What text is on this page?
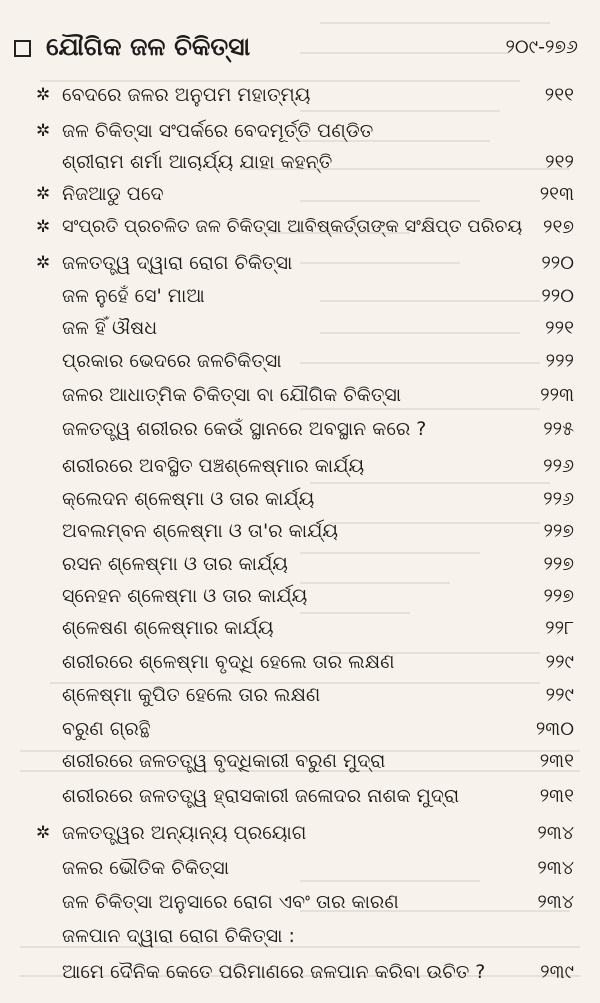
ଯୌଗିକ ଜଳ ଚିକିତ୍ସା	୨୦୯-୨୭୬
✲ ବେଦରେ ଜଳର ଅନୁପମ ମହାତ୍ମ୍ୟ	୨୧୧
✲ ଜଳ ଚିକିତ୍ସା ସଂପର୍କରେ ବେଦମୂର୍ତ୍ତି ପଣ୍ଡିତ
ଶ୍ରୀରାମ ଶର୍ମା ଆଚାର୍ଯ୍ୟ ଯାହା କହନ୍ତି	୨୧୨
✲ ନିଜଆଡୁ ପଦେ	୨୧୩
✲ ସଂପ୍ରତି ପ୍ରଚଳିତ ଜଳ ଚିକିତ୍ସା ଆବିଷ୍କର୍ତ୍ତାଙ୍କ ସଂକ୍ଷିପ୍ତ ପରିଚୟ ୨୧୭
✲ ଜଳତତ୍ତ୍ୱ ଦ୍ୱାରା ରୋଗ ଚିକିତ୍ସା	୨୨୦
ଜଳ ନୁହେଁ ସେ' ମାଆ	୨୨୦
ଜଳ ହିଁ ଔଷଧ	୨୨୧
ପ୍ରକାର ଭେଦରେ ଜଳଚିକିତ୍ସା	୨୨୨
ଜଳର ଆଧାତ୍ମିକ ଚିକିତ୍ସା ବା ଯୌଗିକ ଚିକିତ୍ସା	୨୨୩
ଜଳତତ୍ତ୍ୱ ଶରୀରର କେଉଁ ସ୍ଥାନରେ ଅବସ୍ଥାନ କରେ ?	୨୨୫
ଶରୀରରେ ଅବସ୍ଥିତ ପଞ୍ଚଶ୍ଳେଷ୍ମାର କାର୍ଯ୍ୟ	୨୨୬
କ୍ଲେଦନ ଶ୍ଳେଷ୍ମା ଓ ତାର କାର୍ଯ୍ୟ	୨୨୬
ଅବଲମ୍ବନ ଶ୍ଳେଷ୍ମା ଓ ତା'ର କାର୍ଯ୍ୟ	୨୨୭
ରସନ ଶ୍ଳେଷ୍ମା ଓ ତାର କାର୍ଯ୍ୟ	୨୨୭
ସ୍ନେହନ ଶ୍ଳେଷ୍ମା ଓ ତାର କାର୍ଯ୍ୟ	୨୨୭
ଶ୍ଳେଷଣ ଶ୍ଳେଷ୍ମାର କାର୍ଯ୍ୟ	୨୨୮
ଶରୀରରେ ଶ୍ଳେଷ୍ମା ବୃଦ୍ଧି ହେଲେ ତାର ଲକ୍ଷଣ	୨୨୯
ଶ୍ଳେଷ୍ମା କୁପିତ ହେଲେ ତାର ଲକ୍ଷଣ	୨୨୯
ବରୁଣ ଗ୍ରନ୍ଥି	୨୩୦
ଶରୀରରେ ଜଳତତ୍ତ୍ୱ ବୃଦ୍ଧିକାରୀ ବରୁଣ ମୁଦ୍ରା	୨୩୧
ଶରୀରରେ ଜଳତତ୍ତ୍ୱ ହ୍ରାସକାରୀ ଜଳୋଦର ନାଶକ ମୁଦ୍ରା	୨୩୧
✲ ଜଳତତ୍ତ୍ୱର ଅନ୍ୟାନ୍ୟ ପ୍ରୟୋଗ	୨୩୪
ଜଳର ଭୌତିକ ଚିକିତ୍ସା	୨୩୪
ଜଳ ଚିକିତ୍ସା ଅନୁସାରେ ରୋଗ ଏବଂ ତାର କାରଣ	୨୩୪
ଜଳପାନ ଦ୍ୱାରା ରୋଗ ଚିକିତ୍ସା :
ଆମେ ଦୈନିକ କେତେ ପରିମାଣରେ ଜଳପାନ କରିବା ଉଚିତ ?	୨୩୯
